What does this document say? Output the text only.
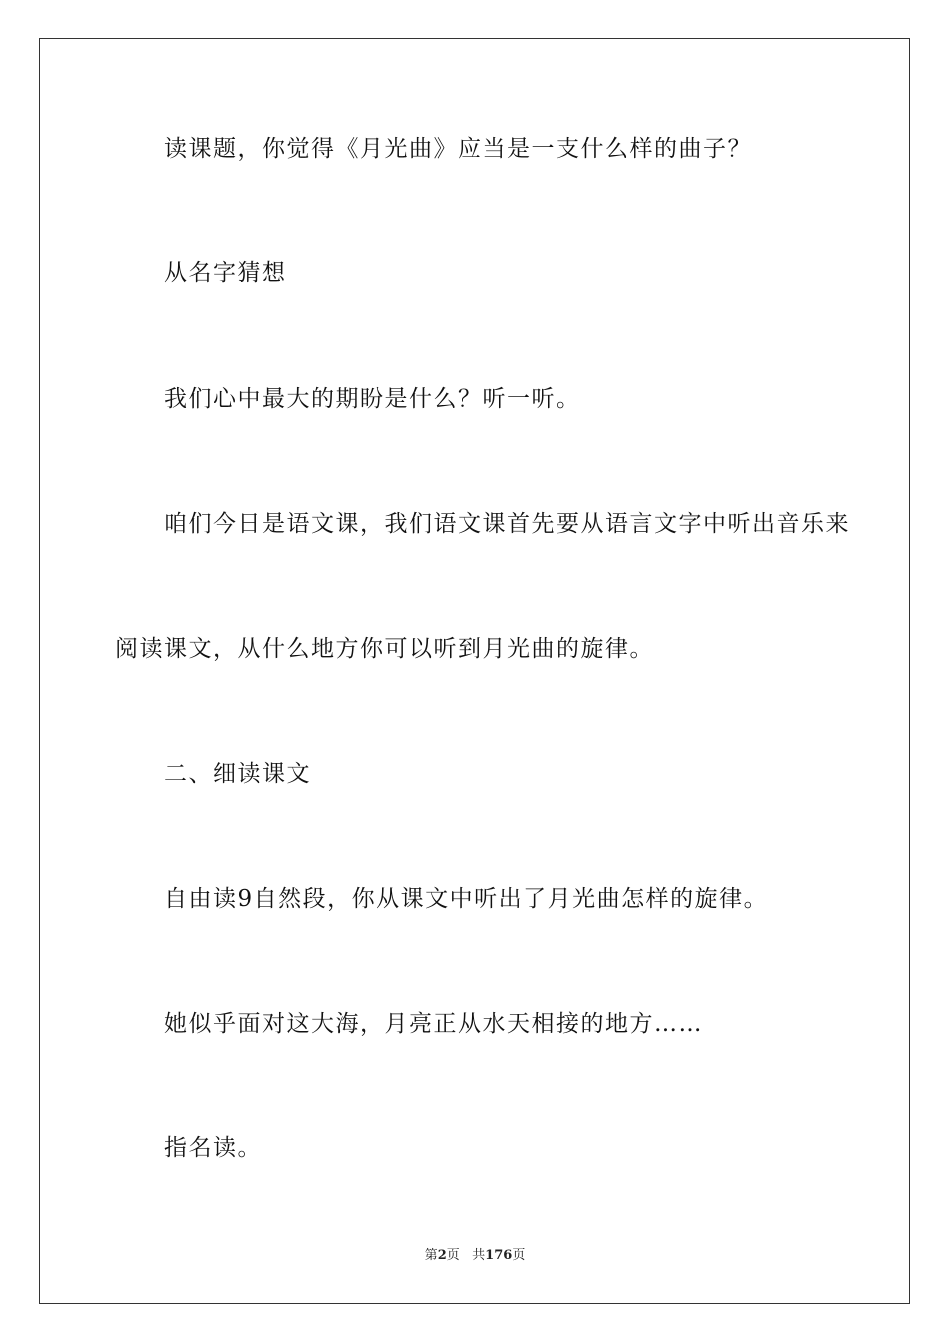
读课题，你觉得《月光曲》应当是一支什么样的曲子？
从名字猜想
我们心中最大的期盼是什么？听一听。
咱们今日是语文课，我们语文课首先要从语言文字中听出音乐来
阅读课文，从什么地方你可以听到月光曲的旋律。
二、细读课文
自由读9自然段，你从课文中听出了月光曲怎样的旋律。
她似乎面对这大海，月亮正从水天相接的地方……
指名读。
第2页 共176页
